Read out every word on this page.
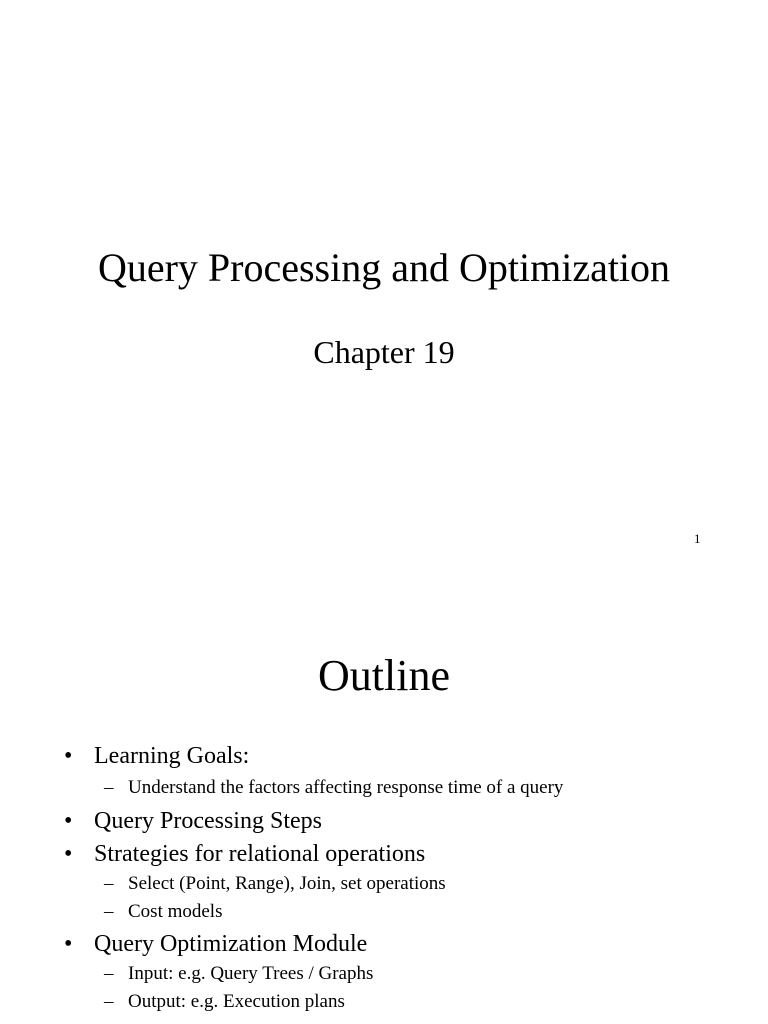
Query Processing and Optimization
Chapter 19
1
Outline
• Learning Goals:
– Understand the factors affecting response time of a query
• Query Processing Steps
• Strategies for relational operations
– Select (Point, Range), Join, set operations
– Cost models
• Query Optimization Module
– Input: e.g. Query Trees / Graphs
– Output: e.g. Execution plans
